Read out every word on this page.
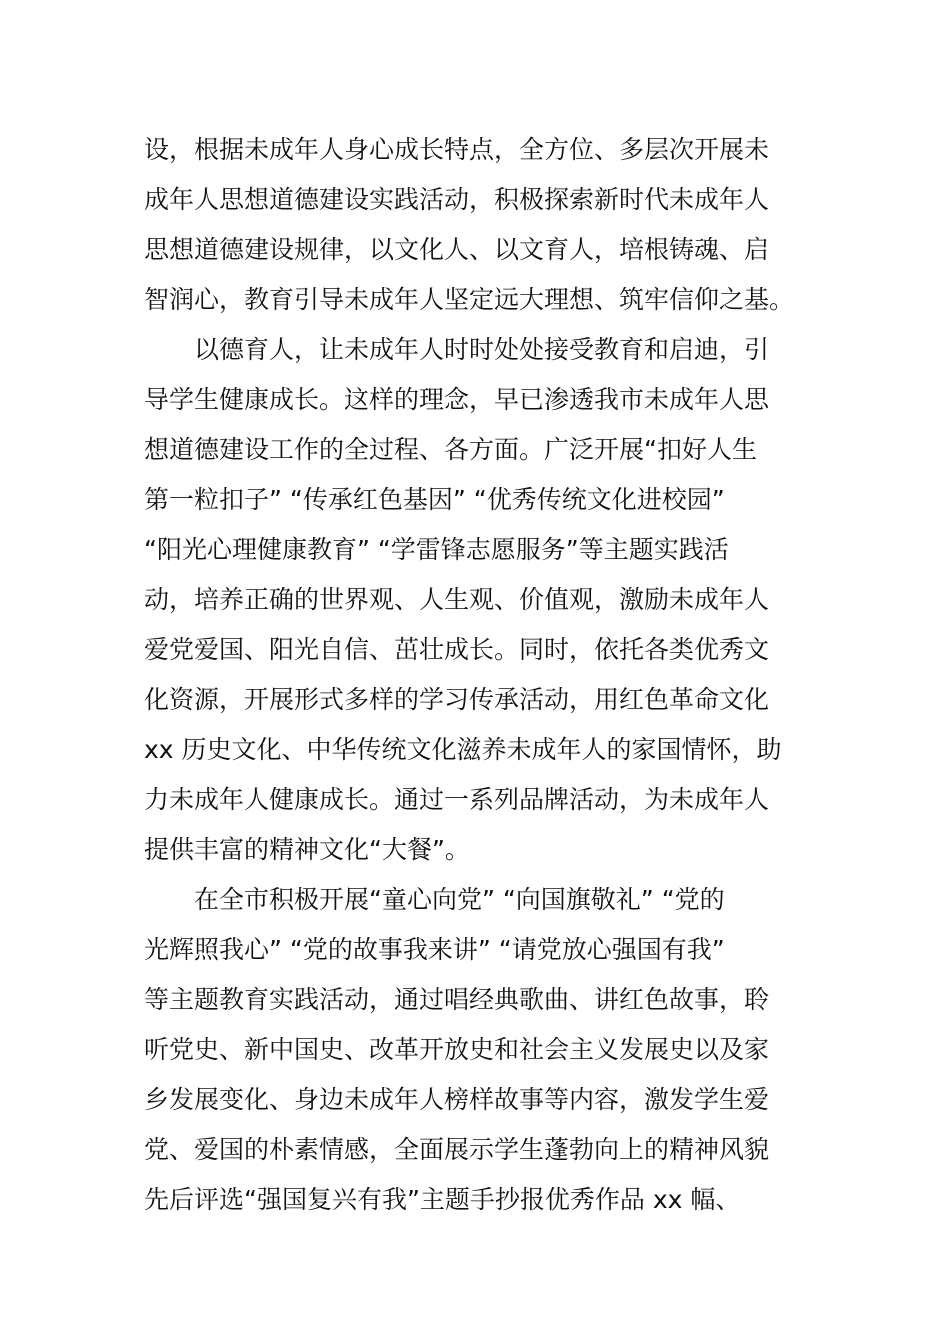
设，根据未成年人身心成长特点，全方位、多层次开展未
成年人思想道德建设实践活动，积极探索新时代未成年人
思想道德建设规律，以文化人、以文育人，培根铸魂、启
智润心，教育引导未成年人坚定远大理想、筑牢信仰之基。
以德育人，让未成年人时时处处接受教育和启迪，引
导学生健康成长。这样的理念，早已渗透我市未成年人思
想道德建设工作的全过程、各方面。广泛开展“扣好人生
第一粒扣子” “传承红色基因” “优秀传统文化进校园”
“阳光心理健康教育” “学雷锋志愿服务”等主题实践活
动，培养正确的世界观、人生观、价值观，激励未成年人
爱党爱国、阳光自信、茁壮成长。同时，依托各类优秀文
化资源，开展形式多样的学习传承活动，用红色革命文化
xx 历史文化、中华传统文化滋养未成年人的家国情怀，助
力未成年人健康成长。通过一系列品牌活动，为未成年人
提供丰富的精神文化“大餐”。
在全市积极开展“童心向党” “向国旗敬礼” “党的
光辉照我心” “党的故事我来讲” “请党放心强国有我”
等主题教育实践活动，通过唱经典歌曲、讲红色故事，聆
听党史、新中国史、改革开放史和社会主义发展史以及家
乡发展变化、身边未成年人榜样故事等内容，激发学生爱
党、爱国的朴素情感，全面展示学生蓬勃向上的精神风貌
先后评选“强国复兴有我”主题手抄报优秀作品 xx 幅、
